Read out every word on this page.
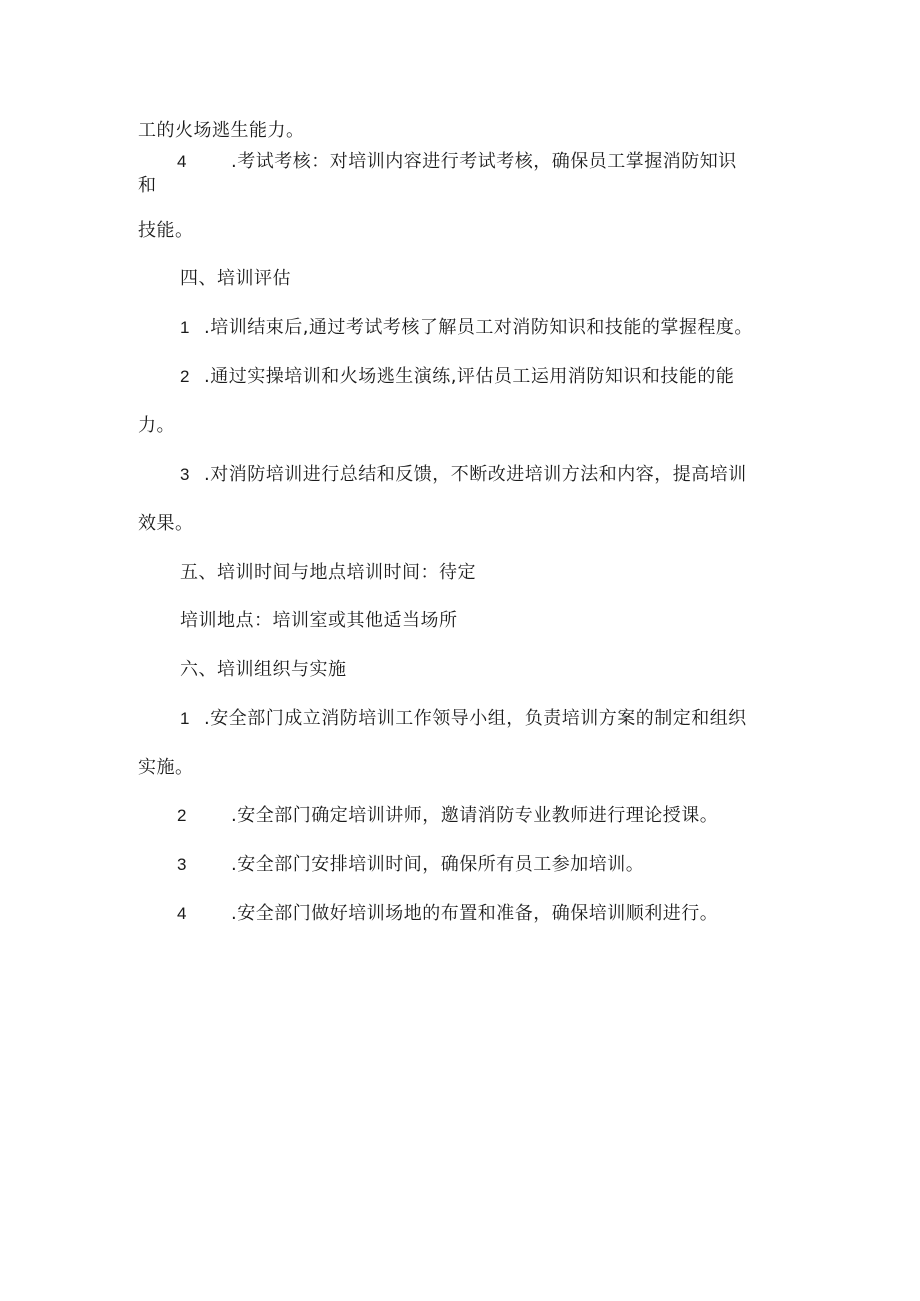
工的火场逃生能力。
4 .考试考核：对培训内容进行考试考核，确保员工掌握消防知识
和
技能。
四、培训评估
1 .培训结束后,通过考试考核了解员工对消防知识和技能的掌握程度。
2 .通过实操培训和火场逃生演练,评估员工运用消防知识和技能的能
力。
3 .对消防培训进行总结和反馈，不断改进培训方法和内容，提高培训
效果。
五、培训时间与地点培训时间：待定
培训地点：培训室或其他适当场所
六、培训组织与实施
1 .安全部门成立消防培训工作领导小组，负责培训方案的制定和组织
实施。
2 .安全部门确定培训讲师，邀请消防专业教师进行理论授课。
3 .安全部门安排培训时间，确保所有员工参加培训。
4 .安全部门做好培训场地的布置和准备，确保培训顺利进行。
